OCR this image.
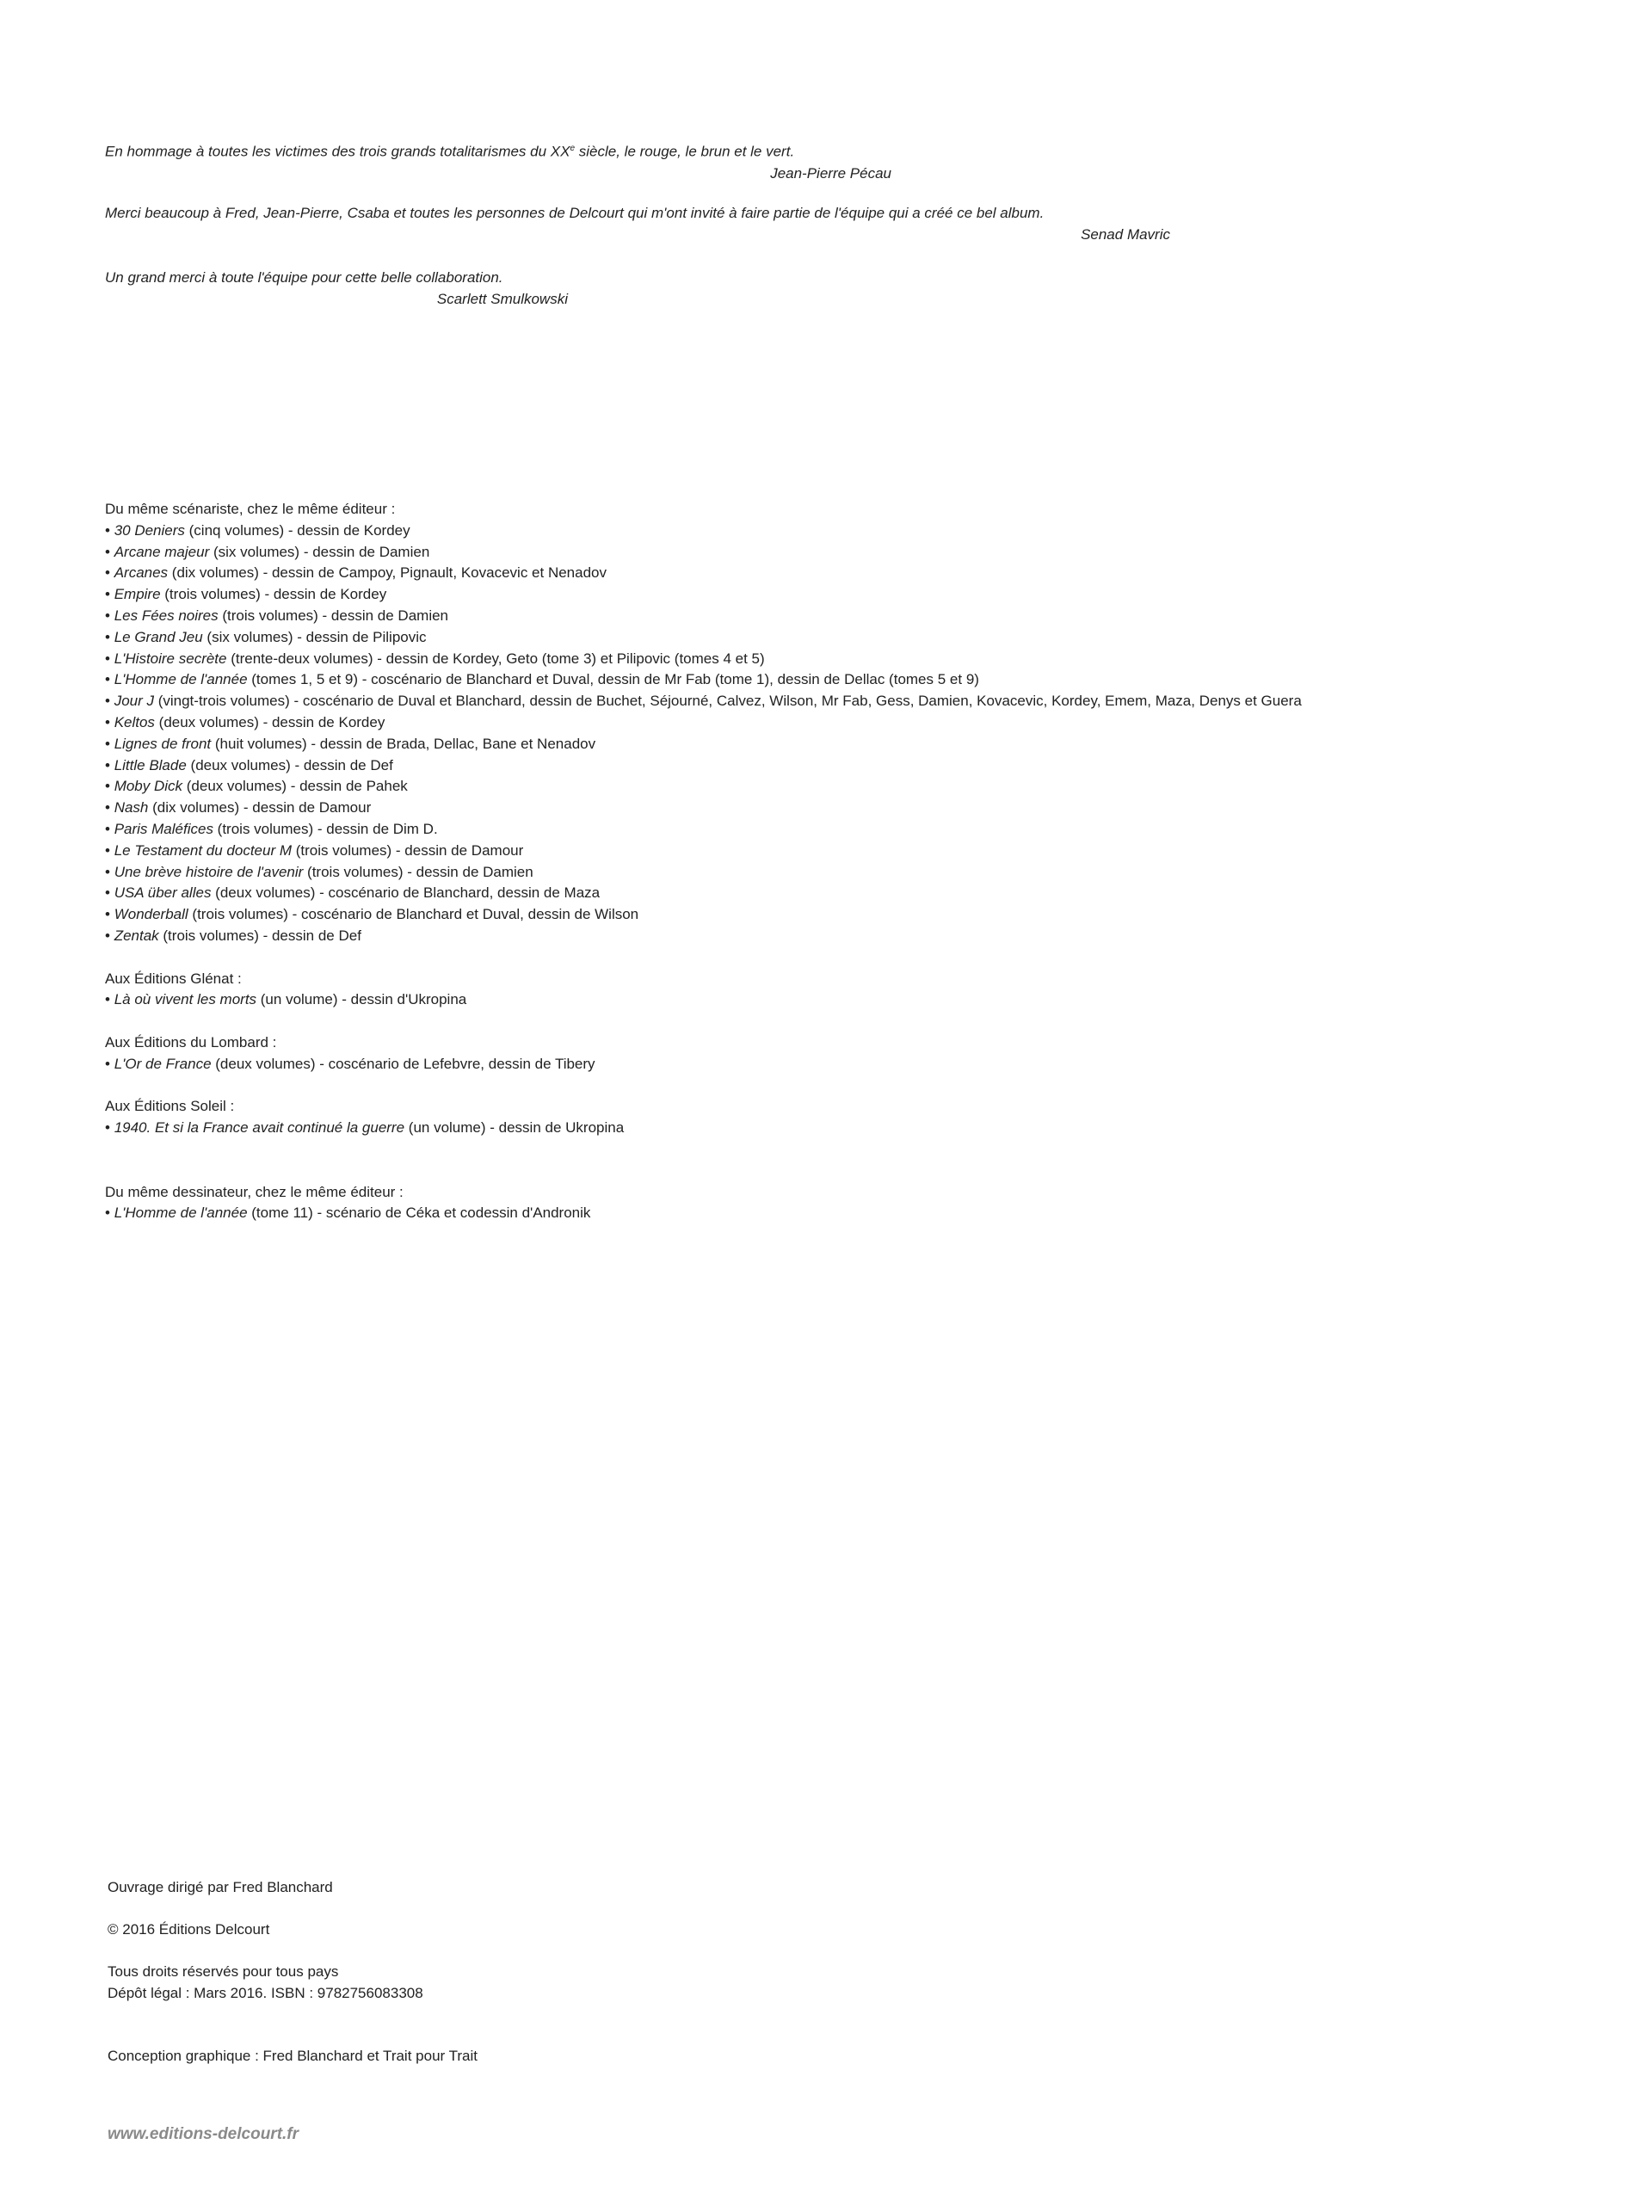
En hommage à toutes les victimes des trois grands totalitarismes du XXe siècle, le rouge, le brun et le vert.

Jean-Pierre Pécau

Merci beaucoup à Fred, Jean-Pierre, Csaba et toutes les personnes de Delcourt qui m'ont invité à faire partie de l'équipe qui a créé ce bel album.

Senad Mavric

Un grand merci à toute l'équipe pour cette belle collaboration.

Scarlett Smulkowski

Du même scénariste, chez le même éditeur :

• 30 Deniers (cinq volumes) - dessin de Kordey

• Arcane majeur (six volumes) - dessin de Damien

• Arcanes (dix volumes) - dessin de Campoy, Pignault, Kovacevic et Nenadov

• Empire (trois volumes) - dessin de Kordey

• Les Fées noires (trois volumes) - dessin de Damien

• Le Grand Jeu (six volumes) - dessin de Pilipovic

• L'Histoire secrète (trente-deux volumes) - dessin de Kordey, Geto (tome 3) et Pilipovic (tomes 4 et 5)

• L'Homme de l'année (tomes 1, 5 et 9) - coscénario de Blanchard et Duval, dessin de Mr Fab (tome 1), dessin de Dellac (tomes 5 et 9)

• Jour J (vingt-trois volumes) - coscénario de Duval et Blanchard, dessin de Buchet, Séjourné, Calvez, Wilson, Mr Fab, Gess, Damien, Kovacevic, Kordey, Emem, Maza, Denys et Guera

• Keltos (deux volumes) - dessin de Kordey

• Lignes de front (huit volumes) - dessin de Brada, Dellac, Bane et Nenadov

• Little Blade (deux volumes) - dessin de Def

• Moby Dick (deux volumes) - dessin de Pahek

• Nash (dix volumes) - dessin de Damour

• Paris Maléfices (trois volumes) - dessin de Dim D.

• Le Testament du docteur M (trois volumes) - dessin de Damour

• Une brève histoire de l'avenir (trois volumes) - dessin de Damien

• USA über alles (deux volumes) - coscénario de Blanchard, dessin de Maza

• Wonderball (trois volumes) - coscénario de Blanchard et Duval, dessin de Wilson

• Zentak (trois volumes) - dessin de Def

Aux Éditions Glénat :

• Là où vivent les morts (un volume) - dessin d'Ukropina

Aux Éditions du Lombard :

• L'Or de France (deux volumes) - coscénario de Lefebvre, dessin de Tibery

Aux Éditions Soleil :

• 1940. Et si la France avait continué la guerre (un volume) - dessin de Ukropina

Du même dessinateur, chez le même éditeur :

• L'Homme de l'année (tome 11) - scénario de Céka et codessin d'Andronik

Ouvrage dirigé par Fred Blanchard

© 2016 Éditions Delcourt

Tous droits réservés pour tous pays

Dépôt légal : Mars 2016. ISBN : 9782756083308

Conception graphique : Fred Blanchard et Trait pour Trait

www.editions-delcourt.fr
